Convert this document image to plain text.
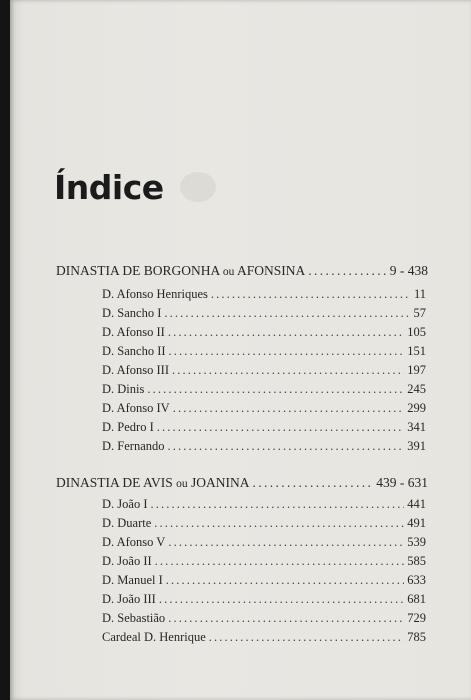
Índice
DINASTIA DE BORGONHA ou AFONSINA . . .	9 - 438
D. Afonso Henriques . . .	11
D. Sancho I . . .	57
D. Afonso II . . .	105
D. Sancho II . . .	151
D. Afonso III . . .	197
D. Dinis . . .	245
D. Afonso IV . . .	299
D. Pedro I . . .	341
D. Fernando . . .	391
DINASTIA DE AVIS ou JOANINA . . .	439 - 631
D. João I . . .	441
D. Duarte . . .	491
D. Afonso V . . .	539
D. João II . . .	585
D. Manuel I . . .	633
D. João III . . .	681
D. Sebastião . . .	729
Cardeal D. Henrique . . .	785
